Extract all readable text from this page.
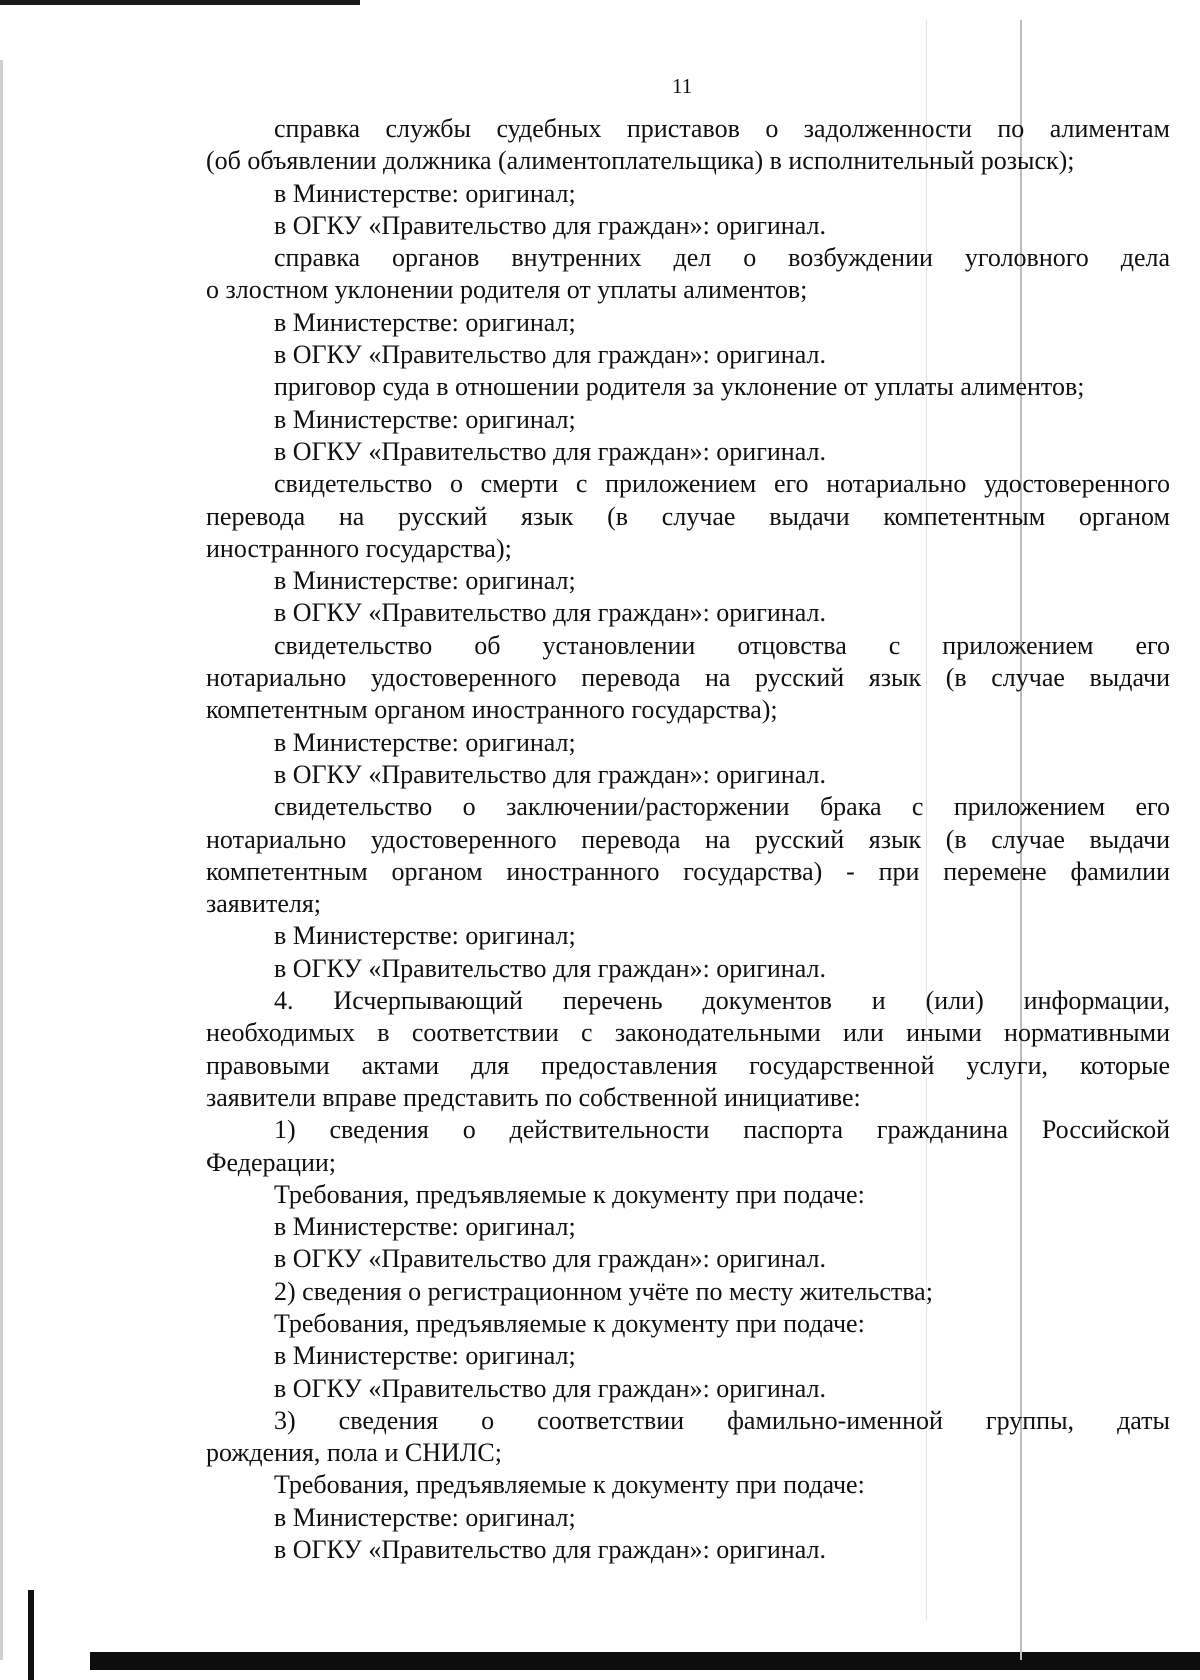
11
справка службы судебных приставов о задолженности по алиментам
(об объявлении должника (алиментоплательщика) в исполнительный розыск);
в Министерстве: оригинал;
в ОГКУ «Правительство для граждан»: оригинал.
справка органов внутренних дел о возбуждении уголовного дела
о злостном уклонении родителя от уплаты алиментов;
в Министерстве: оригинал;
в ОГКУ «Правительство для граждан»: оригинал.
приговор суда в отношении родителя за уклонение от уплаты алиментов;
в Министерстве: оригинал;
в ОГКУ «Правительство для граждан»: оригинал.
свидетельство о смерти с приложением его нотариально удостоверенного
перевода на русский язык (в случае выдачи компетентным органом
иностранного государства);
в Министерстве: оригинал;
в ОГКУ «Правительство для граждан»: оригинал.
свидетельство об установлении отцовства с приложением его
нотариально удостоверенного перевода на русский язык (в случае выдачи
компетентным органом иностранного государства);
в Министерстве: оригинал;
в ОГКУ «Правительство для граждан»: оригинал.
свидетельство о заключении/расторжении брака с приложением его
нотариально удостоверенного перевода на русский язык (в случае выдачи
компетентным органом иностранного государства) - при перемене фамилии
заявителя;
в Министерстве: оригинал;
в ОГКУ «Правительство для граждан»: оригинал.
4. Исчерпывающий перечень документов и (или) информации,
необходимых в соответствии с законодательными или иными нормативными
правовыми актами для предоставления государственной услуги, которые
заявители вправе представить по собственной инициативе:
1) сведения о действительности паспорта гражданина Российской
Федерации;
Требования, предъявляемые к документу при подаче:
в Министерстве: оригинал;
в ОГКУ «Правительство для граждан»: оригинал.
2) сведения о регистрационном учёте по месту жительства;
Требования, предъявляемые к документу при подаче:
в Министерстве: оригинал;
в ОГКУ «Правительство для граждан»: оригинал.
3) сведения о соответствии фамильно-именной группы, даты
рождения, пола и СНИЛС;
Требования, предъявляемые к документу при подаче:
в Министерстве: оригинал;
в ОГКУ «Правительство для граждан»: оригинал.
